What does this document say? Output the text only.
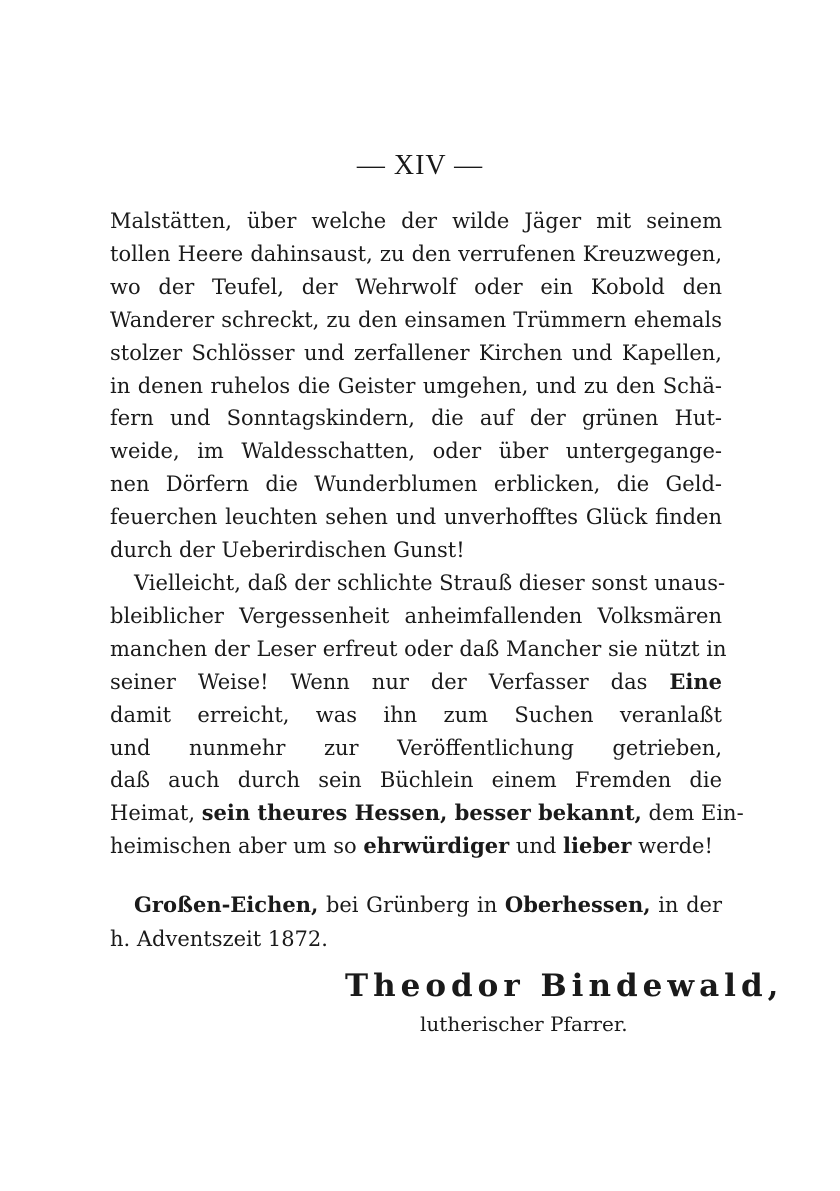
— XIV —
Malstätten, über welche der wilde Jäger mit seinem
tollen Heere dahinsaust, zu den verrufenen Kreuzwegen,
wo der Teufel, der Wehrwolf oder ein Kobold den
Wanderer schreckt, zu den einsamen Trümmern ehemals
stolzer Schlösser und zerfallener Kirchen und Kapellen,
in denen ruhelos die Geister umgehen, und zu den Schä-
fern und Sonntagskindern, die auf der grünen Hut-
weide, im Waldesschatten, oder über untergegange-
nen Dörfern die Wunderblumen erblicken, die Geld-
feuerchen leuchten sehen und unverhofftes Glück finden
durch der Ueberirdischen Gunst!
Vielleicht, daß der schlichte Strauß dieser sonst unaus-
bleiblicher Vergessenheit anheimfallenden Volksmären
manchen der Leser erfreut oder daß Mancher sie nützt in
seiner Weise! Wenn nur der Verfasser das Eine
damit erreicht, was ihn zum Suchen veranlaßt
und nunmehr zur Veröffentlichung getrieben,
daß auch durch sein Büchlein einem Fremden die
Heimat, sein theures Hessen, besser bekannt, dem Ein-
heimischen aber um so ehrwürdiger und lieber werde!
Großen-Eichen, bei Grünberg in Oberhessen, in der
h. Adventszeit 1872.
Theodor Bindewald,
lutherischer Pfarrer.
